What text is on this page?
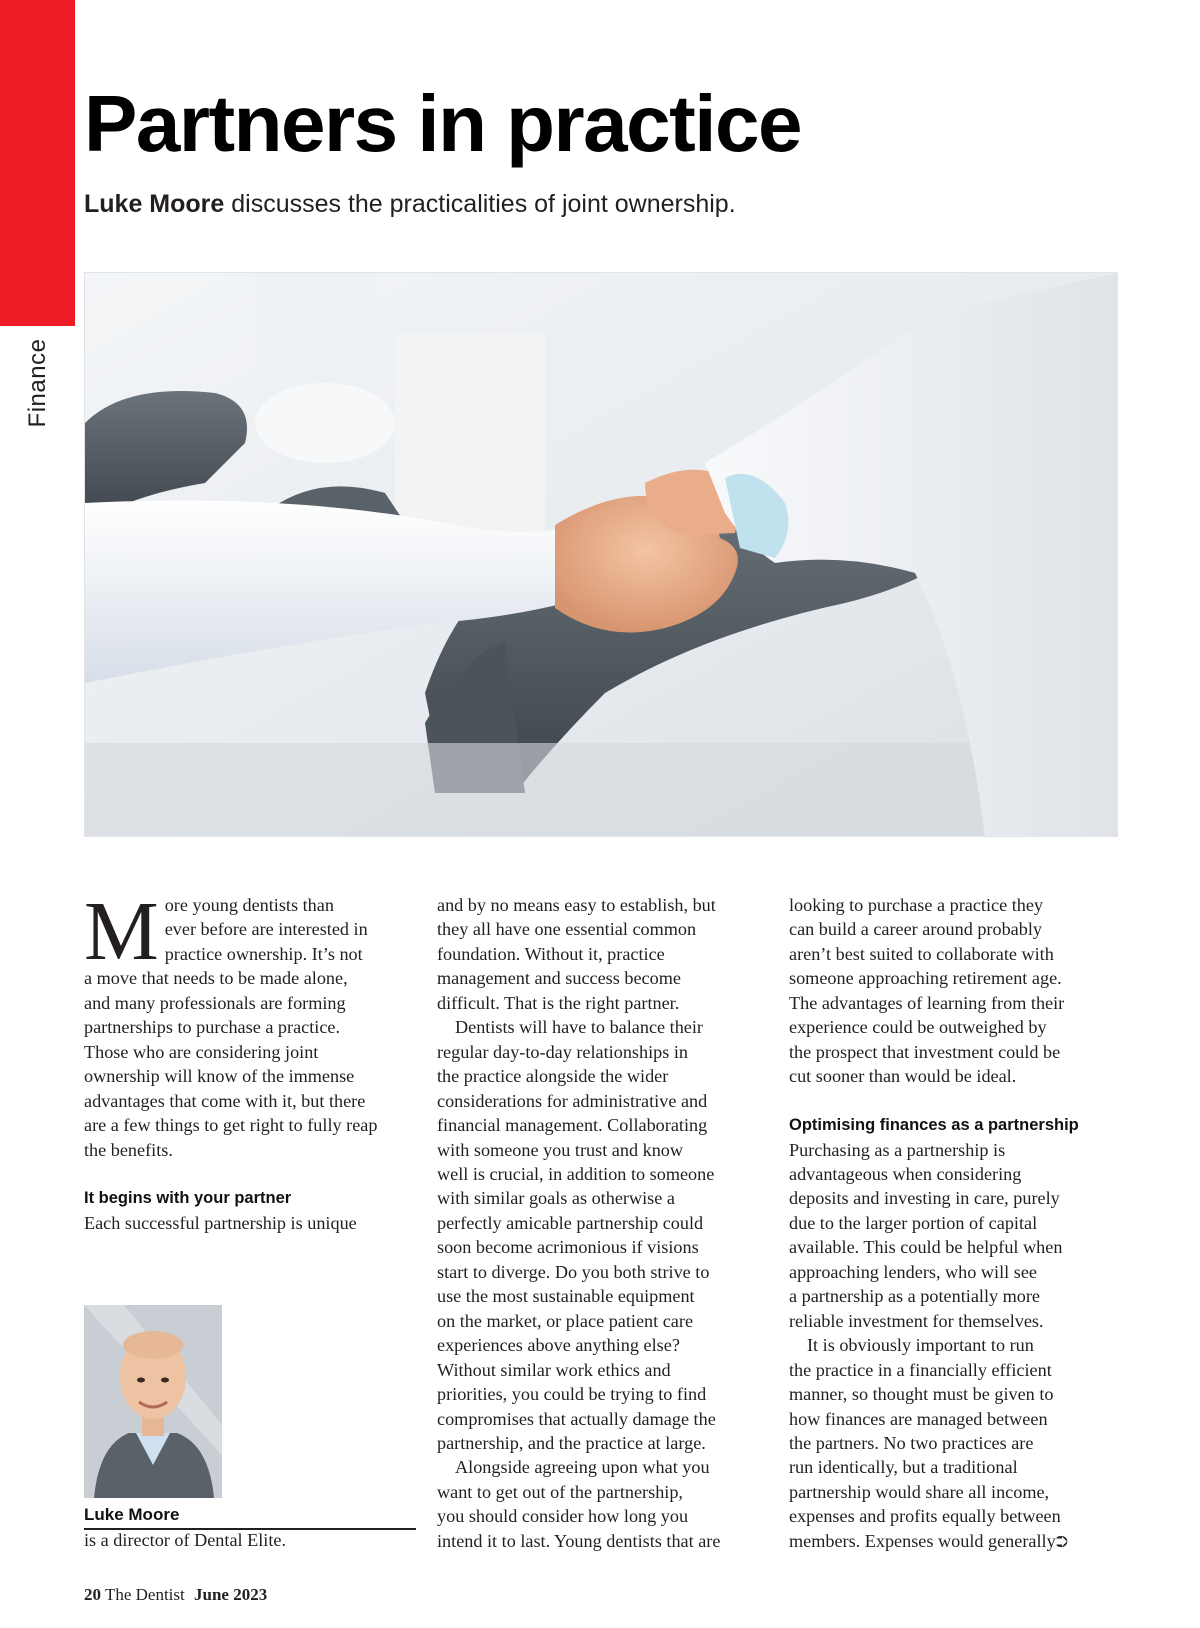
Finance
Partners in practice
Luke Moore discusses the practicalities of joint ownership.
M ore young dentists than

ever before are interested in

practice ownership. It’s not

a move that needs to be made alone,

and many professionals are forming

partnerships to purchase a practice.

Those who are considering joint

ownership will know of the immense

advantages that come with it, but there

are a few things to get right to fully reap

the benefits.

It begins with your partner

Each successful partnership is unique

Luke Moore
is a director of Dental Elite.

and by no means easy to establish, but

they all have one essential common

foundation. Without it, practice

management and success become

difficult. That is the right partner.

Dentists will have to balance their

regular day-to-day relationships in

the practice alongside the wider

considerations for administrative and

financial management. Collaborating

with someone you trust and know

well is crucial, in addition to someone

with similar goals as otherwise a

perfectly amicable partnership could

soon become acrimonious if visions

start to diverge. Do you both strive to

use the most sustainable equipment

on the market, or place patient care

experiences above anything else?

Without similar work ethics and

priorities, you could be trying to find

compromises that actually damage the

partnership, and the practice at large.

Alongside agreeing upon what you

want to get out of the partnership,

you should consider how long you

intend it to last. Young dentists that are

looking to purchase a practice they

can build a career around probably

aren’t best suited to collaborate with

someone approaching retirement age.

The advantages of learning from their

experience could be outweighed by

the prospect that investment could be

cut sooner than would be ideal.

Optimising finances as a partnership

Purchasing as a partnership is

advantageous when considering

deposits and investing in care, purely

due to the larger portion of capital

available. This could be helpful when

approaching lenders, who will see

a partnership as a potentially more

reliable investment for themselves.

It is obviously important to run

the practice in a financially efficient

manner, so thought must be given to

how finances are managed between

the partners. No two practices are

run identically, but a traditional

partnership would share all income,

expenses and profits equally between

members. Expenses would generally⮊

20 The Dentist June 2023
